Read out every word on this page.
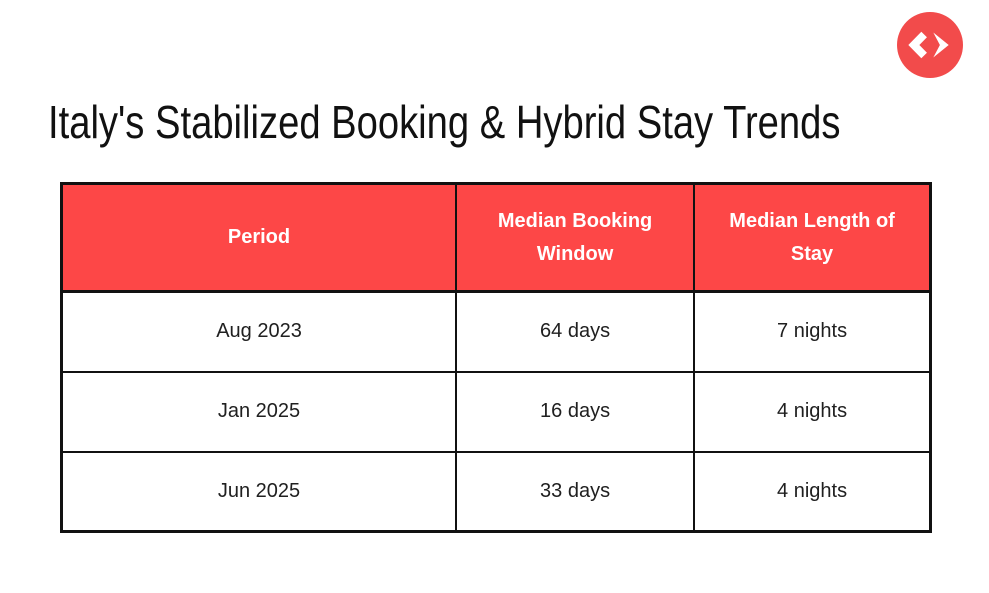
Italy's Stabilized Booking & Hybrid Stay Trends
Period	Median Booking Window	Median Length of Stay
Aug 2023	64 days	7 nights
Jan 2025	16 days	4 nights
Jun 2025	33 days	4 nights
